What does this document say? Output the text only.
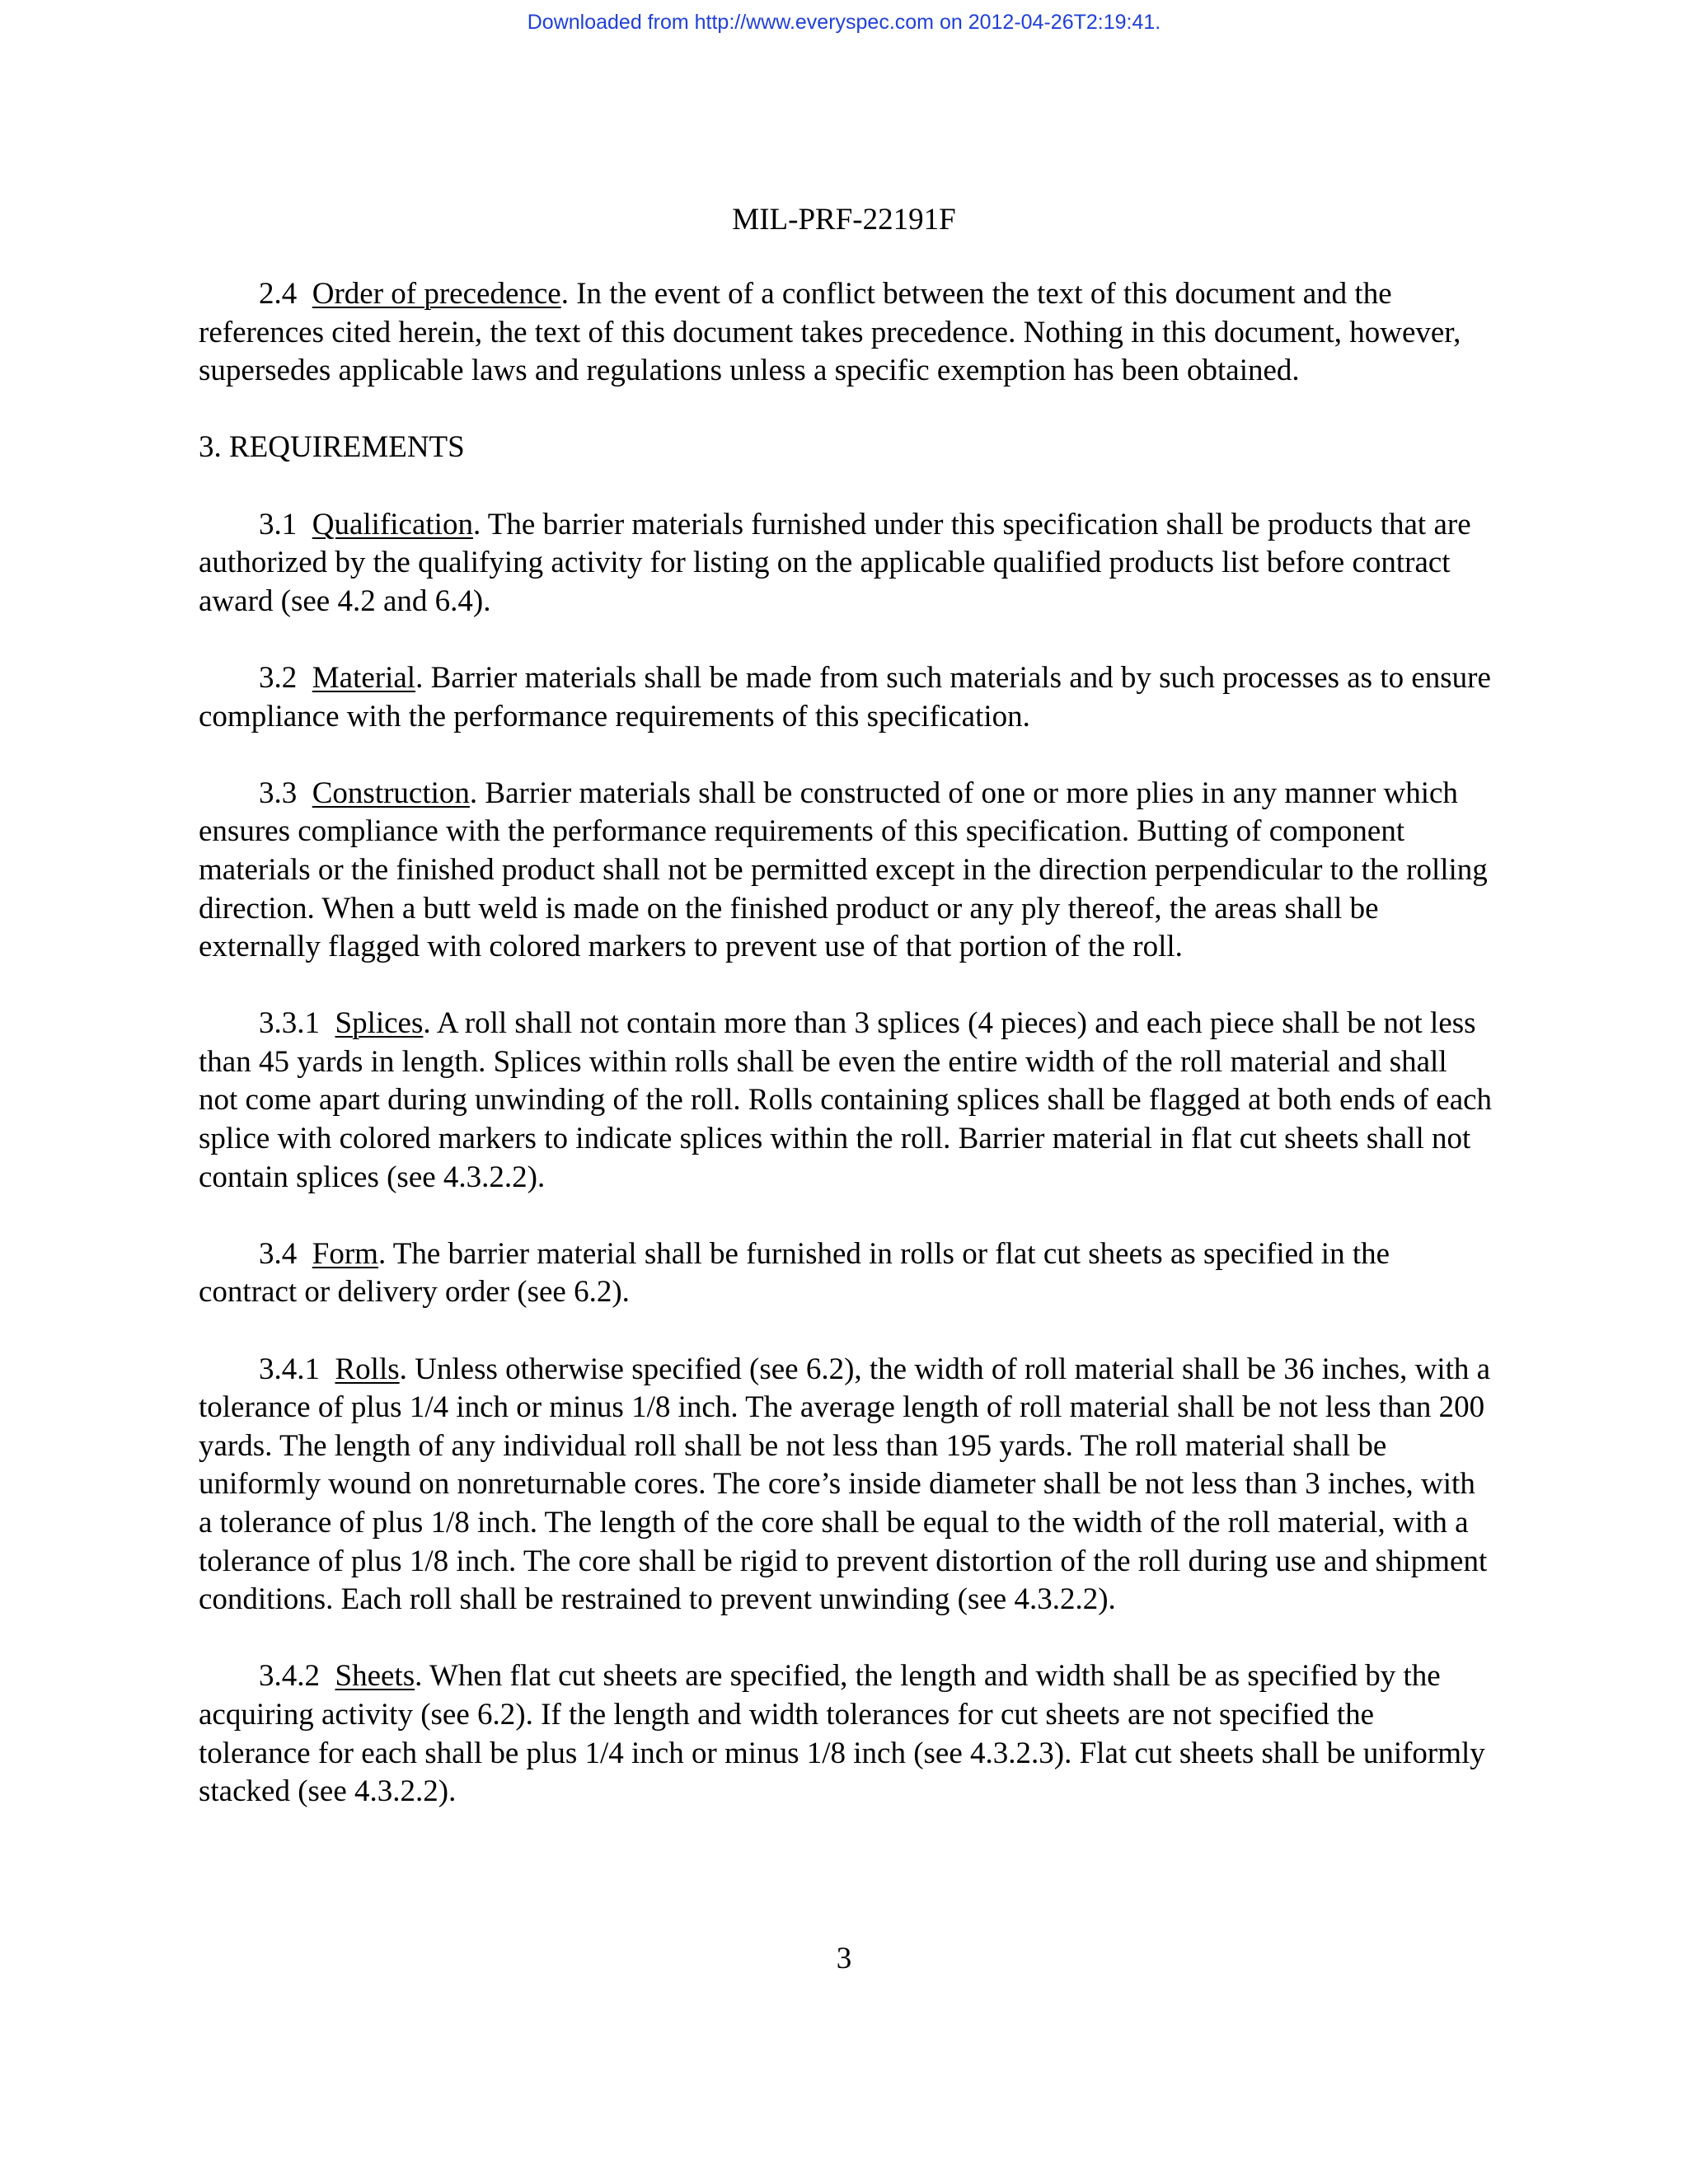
Downloaded from http://www.everyspec.com on 2012-04-26T2:19:41.
MIL-PRF-22191F

2.4 Order of precedence. In the event of a conflict between the text of this document and the references cited herein, the text of this document takes precedence. Nothing in this document, however, supersedes applicable laws and regulations unless a specific exemption has been obtained.

3. REQUIREMENTS

3.1 Qualification. The barrier materials furnished under this specification shall be products that are authorized by the qualifying activity for listing on the applicable qualified products list before contract award (see 4.2 and 6.4).

3.2 Material. Barrier materials shall be made from such materials and by such processes as to ensure compliance with the performance requirements of this specification.

3.3 Construction. Barrier materials shall be constructed of one or more plies in any manner which ensures compliance with the performance requirements of this specification. Butting of component materials or the finished product shall not be permitted except in the direction perpendicular to the rolling direction. When a butt weld is made on the finished product or any ply thereof, the areas shall be externally flagged with colored markers to prevent use of that portion of the roll.

3.3.1 Splices. A roll shall not contain more than 3 splices (4 pieces) and each piece shall be not less than 45 yards in length. Splices within rolls shall be even the entire width of the roll material and shall not come apart during unwinding of the roll. Rolls containing splices shall be flagged at both ends of each splice with colored markers to indicate splices within the roll. Barrier material in flat cut sheets shall not contain splices (see 4.3.2.2).

3.4 Form. The barrier material shall be furnished in rolls or flat cut sheets as specified in the contract or delivery order (see 6.2).

3.4.1 Rolls. Unless otherwise specified (see 6.2), the width of roll material shall be 36 inches, with a tolerance of plus 1/4 inch or minus 1/8 inch. The average length of roll material shall be not less than 200 yards. The length of any individual roll shall be not less than 195 yards. The roll material shall be uniformly wound on nonreturnable cores. The core’s inside diameter shall be not less than 3 inches, with a tolerance of plus 1/8 inch. The length of the core shall be equal to the width of the roll material, with a tolerance of plus 1/8 inch. The core shall be rigid to prevent distortion of the roll during use and shipment conditions. Each roll shall be restrained to prevent unwinding (see 4.3.2.2).

3.4.2 Sheets. When flat cut sheets are specified, the length and width shall be as specified by the acquiring activity (see 6.2). If the length and width tolerances for cut sheets are not specified the tolerance for each shall be plus 1/4 inch or minus 1/8 inch (see 4.3.2.3). Flat cut sheets shall be uniformly stacked (see 4.3.2.2).

3
